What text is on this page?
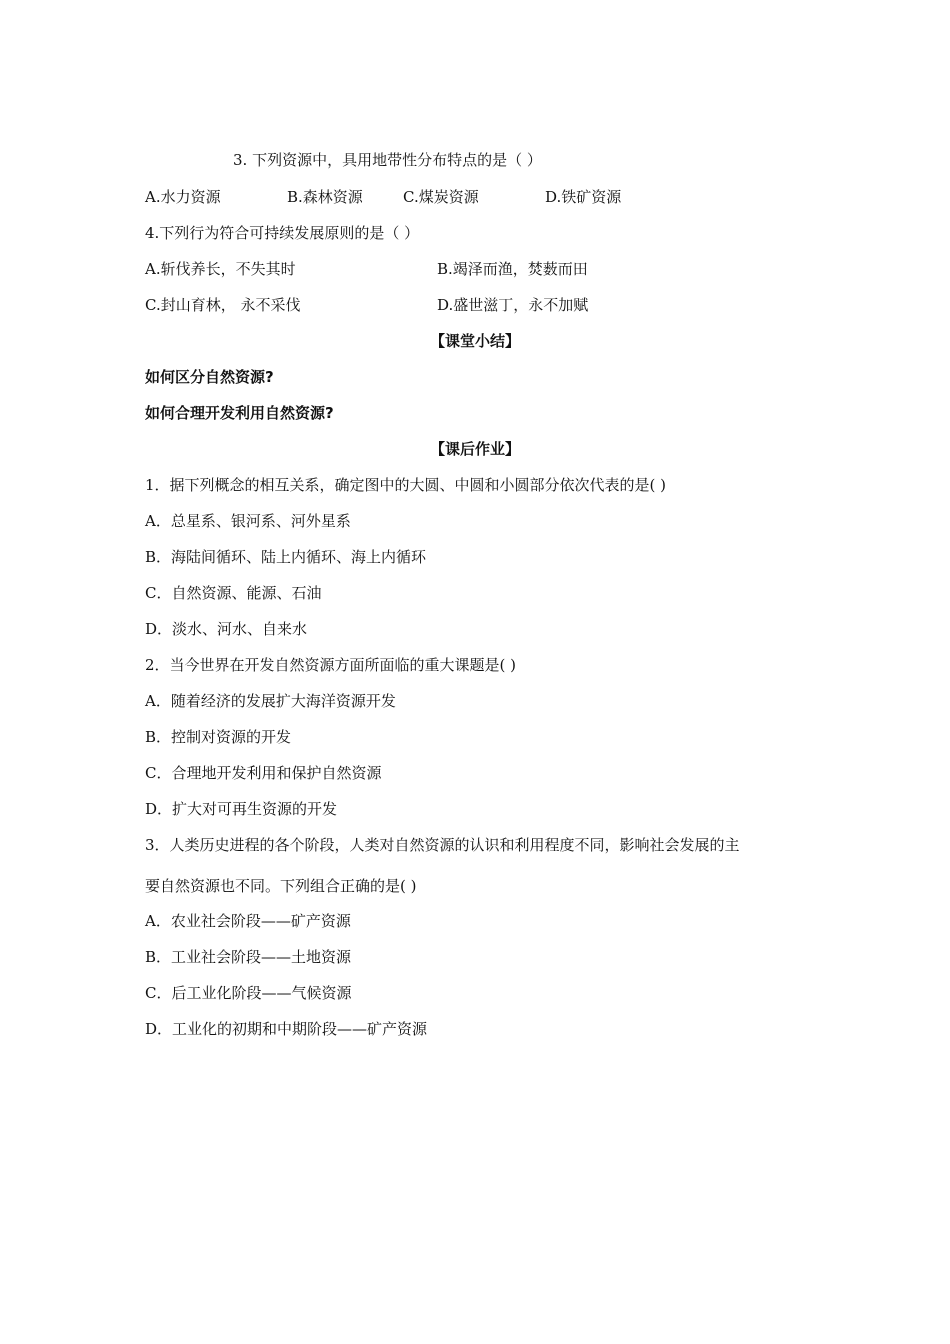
3. 下列资源中，具用地带性分布特点的是（ ）
A.水力资源	B.森林资源	C.煤炭资源	D.铁矿资源
4.下列行为符合可持续发展原则的是（ ）
A.斩伐养长，不失其时	B.竭泽而渔，焚薮而田
C.封山育林， 永不采伐	D.盛世滋丁，永不加赋
【课堂小结】
如何区分自然资源?
如何合理开发利用自然资源?
【课后作业】
1．据下列概念的相互关系，确定图中的大圆、中圆和小圆部分依次代表的是( )
A．总星系、银河系、河外星系
B．海陆间循环、陆上内循环、海上内循环
C．自然资源、能源、石油
D．淡水、河水、自来水
2．当今世界在开发自然资源方面所面临的重大课题是( )
A．随着经济的发展扩大海洋资源开发
B．控制对资源的开发
C．合理地开发利用和保护自然资源
D．扩大对可再生资源的开发
3．人类历史进程的各个阶段，人类对自然资源的认识和利用程度不同，影响社会发展的主
要自然资源也不同。下列组合正确的是( )
A．农业社会阶段——矿产资源
B．工业社会阶段——土地资源
C．后工业化阶段——气候资源
D．工业化的初期和中期阶段——矿产资源
